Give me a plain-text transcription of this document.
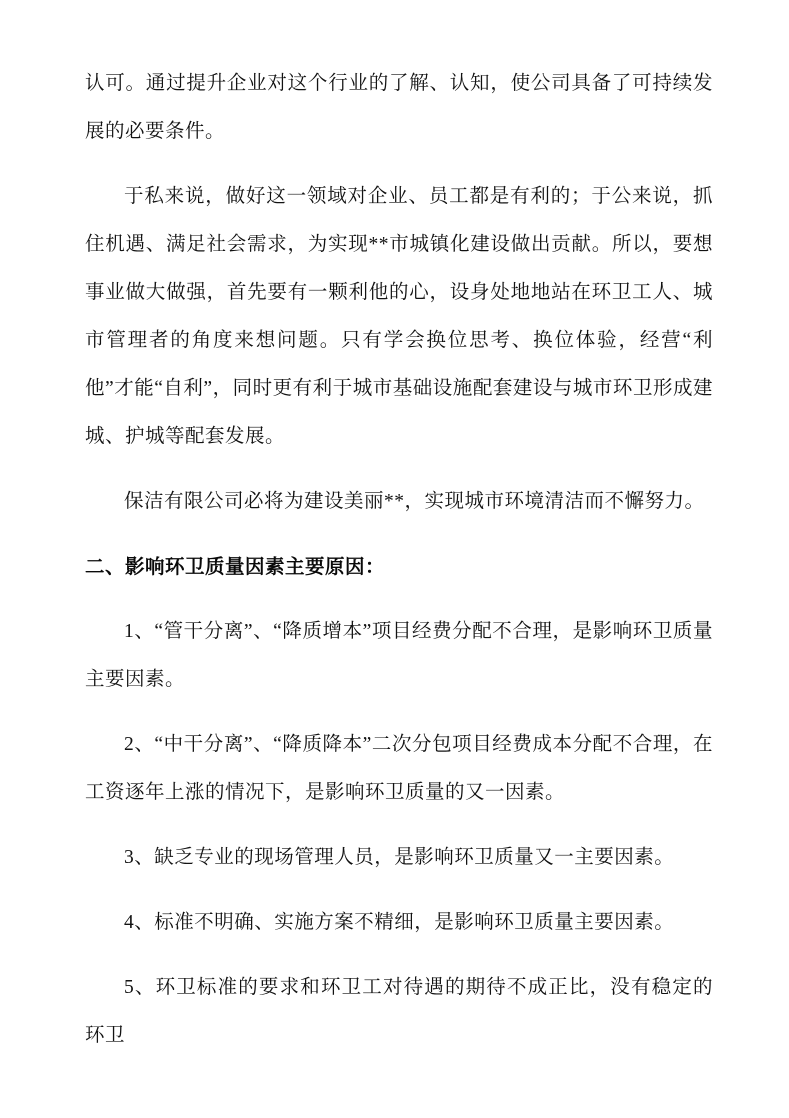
认可。通过提升企业对这个行业的了解、认知，使公司具备了可持续发展的必要条件。

于私来说，做好这一领域对企业、员工都是有利的；于公来说，抓住机遇、满足社会需求，为实现**市城镇化建设做出贡献。所以，要想事业做大做强，首先要有一颗利他的心，设身处地地站在环卫工人、城市管理者的角度来想问题。只有学会换位思考、换位体验，经营“利他”才能“自利”，同时更有利于城市基础设施配套建设与城市环卫形成建城、护城等配套发展。

保洁有限公司必将为建设美丽**，实现城市环境清洁而不懈努力。

二、影响环卫质量因素主要原因：

1、“管干分离”、“降质增本”项目经费分配不合理，是影响环卫质量主要因素。

2、“中干分离”、“降质降本”二次分包项目经费成本分配不合理，在工资逐年上涨的情况下，是影响环卫质量的又一因素。

3、缺乏专业的现场管理人员，是影响环卫质量又一主要因素。

4、标准不明确、实施方案不精细，是影响环卫质量主要因素。

5、环卫标准的要求和环卫工对待遇的期待不成正比，没有稳定的环卫
